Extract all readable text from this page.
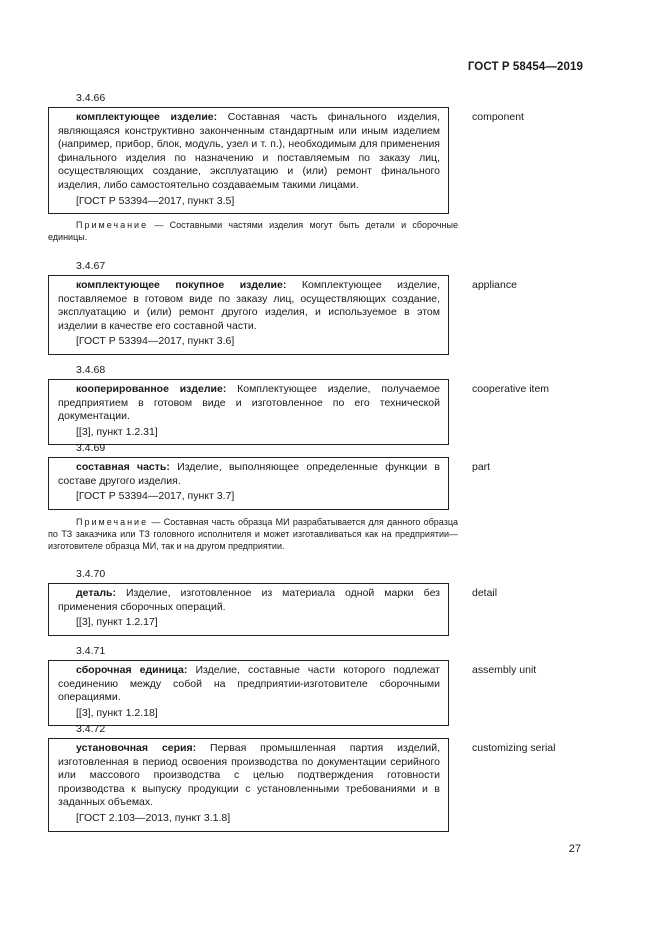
ГОСТ Р 58454—2019
3.4.66

комплектующее изделие: Составная часть финального изделия, являющаяся конструктивно законченным стандартным или иным изделием (например, прибор, блок, модуль, узел и т. п.), необходимым для применения финального изделия по назначению и поставляемым по заказу лиц, осуществляющих создание, эксплуатацию и (или) ремонт финального изделия, либо самостоятельно создаваемым такими лицами.

[ГОСТ Р 53394—2017, пункт 3.5]
component
Примечание — Составными частями изделия могут быть детали и сборочные единицы.
3.4.67

комплектующее покупное изделие: Комплектующее изделие, поставляемое в готовом виде по заказу лиц, осуществляющих создание, эксплуатацию и (или) ремонт другого изделия, и используемое в этом изделии в качестве его составной части.

[ГОСТ Р 53394—2017, пункт 3.6]
appliance
3.4.68

кооперированное изделие: Комплектующее изделие, получаемое предприятием в готовом виде и изготовленное по его технической документации.

[[3], пункт 1.2.31]
cooperative item
3.4.69

составная часть: Изделие, выполняющее определенные функции в составе другого изделия.

[ГОСТ Р 53394—2017, пункт 3.7]
part
Примечание — Составная часть образца МИ разрабатывается для данного образца по ТЗ заказчика или ТЗ головного исполнителя и может изготавливаться как на предприятии—изготовителе образца МИ, так и на другом предприятии.
3.4.70

деталь: Изделие, изготовленное из материала одной марки без применения сборочных операций.

[[3], пункт 1.2.17]
detail
3.4.71

сборочная единица: Изделие, составные части которого подлежат соединению между собой на предприятии-изготовителе сборочными операциями.

[[3], пункт 1.2.18]
assembly unit
3.4.72

установочная серия: Первая промышленная партия изделий, изготовленная в период освоения производства по документации серийного или массового производства с целью подтверждения готовности производства к выпуску продукции с установленными требованиями и в заданных объемах.

[ГОСТ 2.103—2013, пункт 3.1.8]
customizing serial
27
